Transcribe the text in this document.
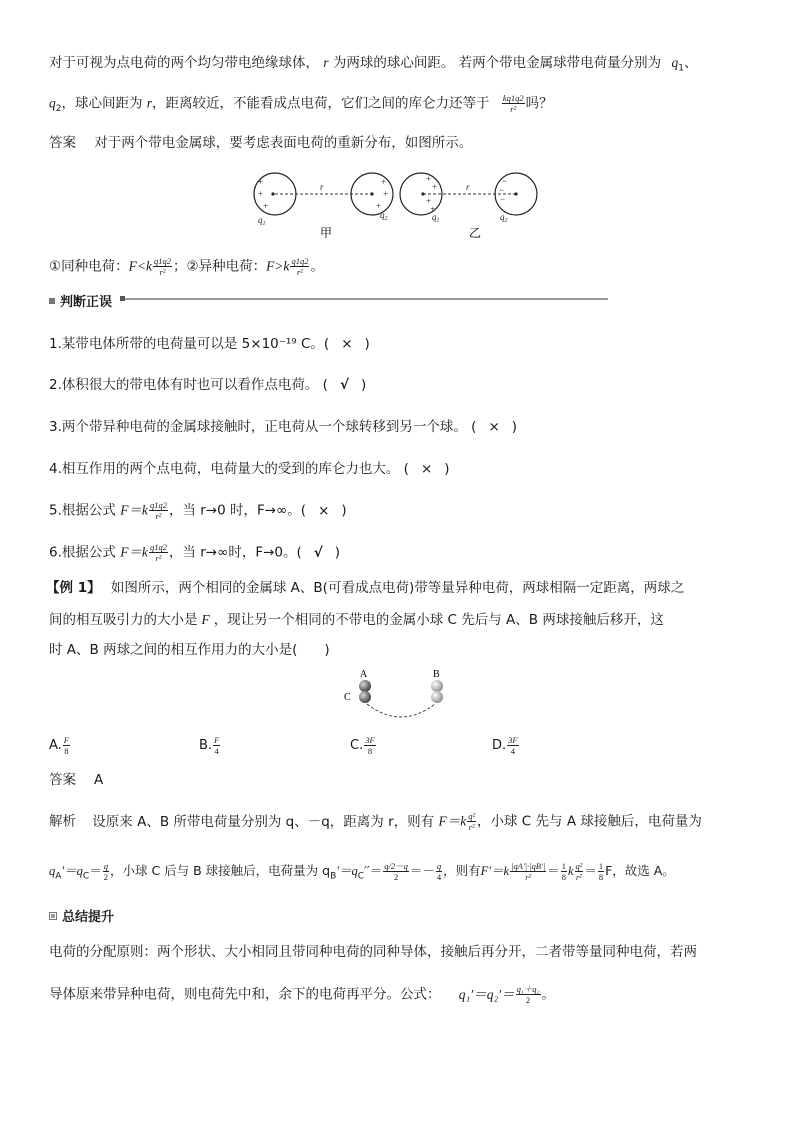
对于可视为点电荷的两个均匀带电绝缘球体， r 为两球的球心间距。 若两个带电金属球带电荷量分别为 $q_1$、
$q_2$，球心间距为 r，距离较近，不能看成点电荷，它们之间的库仑力还等于 $\frac{kq1q2}{\text{r²}}$ 吗？
答案 对于两个带电金属球，要考虑表面电荷的重新分布，如图所示。
+
+
+
$q_1$
r	+
+
+
$q_2$
+
+
+
+
$q_1$
r
−
−
−
$q_2$
甲	乙
①同种电荷：$F<k \frac{q1q2}{\text{r²}}$ ；②异种电荷：$F>k \frac{q1q2}{\text{r²}}$ 。
判断正误
1.某带电体所带的电荷量可以是 5×10⁻¹⁹ C。( × )
2.体积很大的带电体有时也可以看作点电荷。 ( √ )
3.两个带异种电荷的金属球接触时，正电荷从一个球转移到另一个球。 ( × )
4.相互作用的两个点电荷，电荷量大的受到的库仑力也大。 ( × )
5.根据公式 $F=k \frac{q1q2}{\text{r²}}$ ，当 r→0 时，F→∞。( × )
6.根据公式 $F=k \frac{q1q2}{\text{r²}}$ ，当 r→∞时，F→0。( √ )
【例 1】 如图所示，两个相同的金属球 A、B(可看成点电荷)带等量异种电荷，两球相隔一定距离，两球之
间的相互吸引力的大小是 F ，现让另一个相同的不带电的金属小球 C 先后与 A、B 两球接触后移开，这
时 A、B 两球之间的相互作用力的大小是(　　)
A	B
C
A. $\frac{F}{8}$	B. $\frac{F}{4}$	C. $\frac{3F}{8}$	D. $\frac{3F}{4}$
答案 A
解析 设原来 A、B 所带电荷量分别为 q、－q，距离为 r，则有 $F=k \frac{\text{q²}}{\text{r²}}$ ，小球 C 先与 A 球接触后，电荷量为
$q_A'=q_C= \frac{q}{2}$ ，小球 C 后与 B 球接触后，电荷量为 $q_B'=q_C''= \frac{q/2-q}{2} =- \frac{q}{4}$ ，则有$F'=k \frac{|qA'|\cdot|qB'|}{\text{r²}} = \frac{1}{8}$ k $\frac{\text{q²}}{\text{r²}} = \frac{1}{8}$ F，故选 A。
总结提升
电荷的分配原则：两个形状、大小相同且带同种电荷的同种导体，接触后再分开，二者带等量同种电荷，若两
导体原来带异种电荷，则电荷先中和，余下的电荷再平分。公式： $q_1'=q_2'= \frac{\text{q₁＋q₂}}{2}$ 。
